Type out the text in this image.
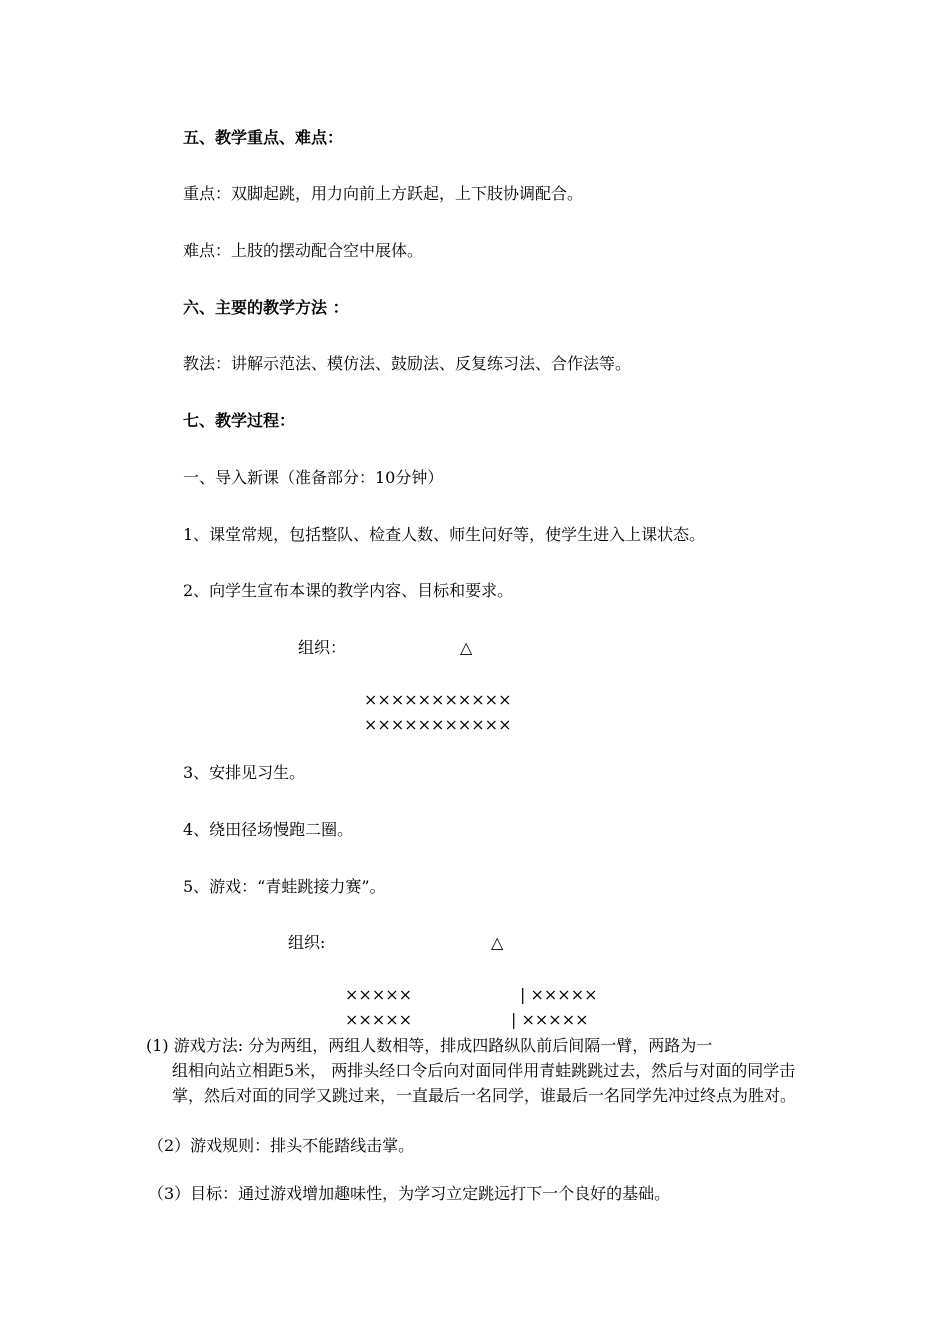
五、教学重点、难点：
重点：双脚起跳，用力向前上方跃起，上下肢协调配合。
难点：上肢的摆动配合空中展体。
六、主要的教学方法 ：
教法：讲解示范法、模仿法、鼓励法、反复练习法、合作法等。
七、教学过程：
一、导入新课（准备部分：10分钟）
1、课堂常规，包括整队、检查人数、师生问好等，使学生进入上课状态。
2、向学生宣布本课的教学内容、目标和要求。
组织：	△
×××××××××××
×××××××××××
3、安排见习生。
4、绕田径场慢跑二圈。
5、游戏：“青蛙跳接力赛”。
组织:	△
×××××	| ×××××
×××××	| ×××××
(1) 游戏方法: 分为两组，两组人数相等，排成四路纵队前后间隔一臂，两路为一
组相向站立相距5米， 两排头经口令后向对面同伴用青蛙跳跳过去，然后与对面的同学击掌，然后对面的同学又跳过来，一直最后一名同学，谁最后一名同学先冲过终点为胜对。
（2）游戏规则：排头不能踏线击掌。
（3）目标：通过游戏增加趣味性，为学习立定跳远打下一个良好的基础。
